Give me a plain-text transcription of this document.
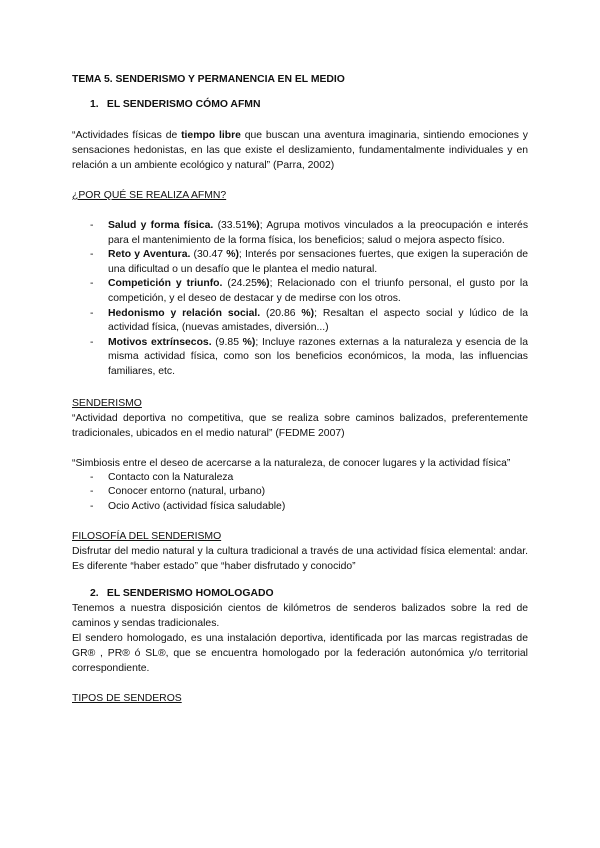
TEMA 5. SENDERISMO Y PERMANENCIA EN EL MEDIO

1. EL SENDERISMO CÓMO AFMN

“Actividades físicas de tiempo libre que buscan una aventura imaginaria, sintiendo emociones y sensaciones hedonistas, en las que existe el deslizamiento, fundamentalmente individuales y en relación a un ambiente ecológico y natural” (Parra, 2002)

¿POR QUÉ SE REALIZA AFMN?

- Salud y forma física. (33.51%); Agrupa motivos vinculados a la preocupación e interés para el mantenimiento de la forma física, los beneficios; salud o mejora aspecto físico.
- Reto y Aventura. (30.47 %); Interés por sensaciones fuertes, que exigen la superación de una dificultad o un desafío que le plantea el medio natural.
- Competición y triunfo. (24.25%); Relacionado con el triunfo personal, el gusto por la competición, y el deseo de destacar y de medirse con los otros.
- Hedonismo y relación social. (20.86 %); Resaltan el aspecto social y lúdico de la actividad física, (nuevas amistades, diversión...)
- Motivos extrínsecos. (9.85 %); Incluye razones externas a la naturaleza y esencia de la misma actividad física, como son los beneficios económicos, la moda, las influencias familiares, etc.

SENDERISMO

“Actividad deportiva no competitiva, que se realiza sobre caminos balizados, preferentemente tradicionales, ubicados en el medio natural” (FEDME 2007)

“Simbiosis entre el deseo de acercarse a la naturaleza, de conocer lugares y la actividad física”

- Contacto con la Naturaleza
- Conocer entorno (natural, urbano)
- Ocio Activo (actividad física saludable)

FILOSOFÍA DEL SENDERISMO

Disfrutar del medio natural y la cultura tradicional a través de una actividad física elemental: andar. Es diferente “haber estado” que “haber disfrutado y conocido”

2. EL SENDERISMO HOMOLOGADO

Tenemos a nuestra disposición cientos de kilómetros de senderos balizados sobre la red de caminos y sendas tradicionales.

El sendero homologado, es una instalación deportiva, identificada por las marcas registradas de GR® , PR® ó SL®, que se encuentra homologado por la federación autonómica y/o territorial correspondiente.

TIPOS DE SENDEROS
